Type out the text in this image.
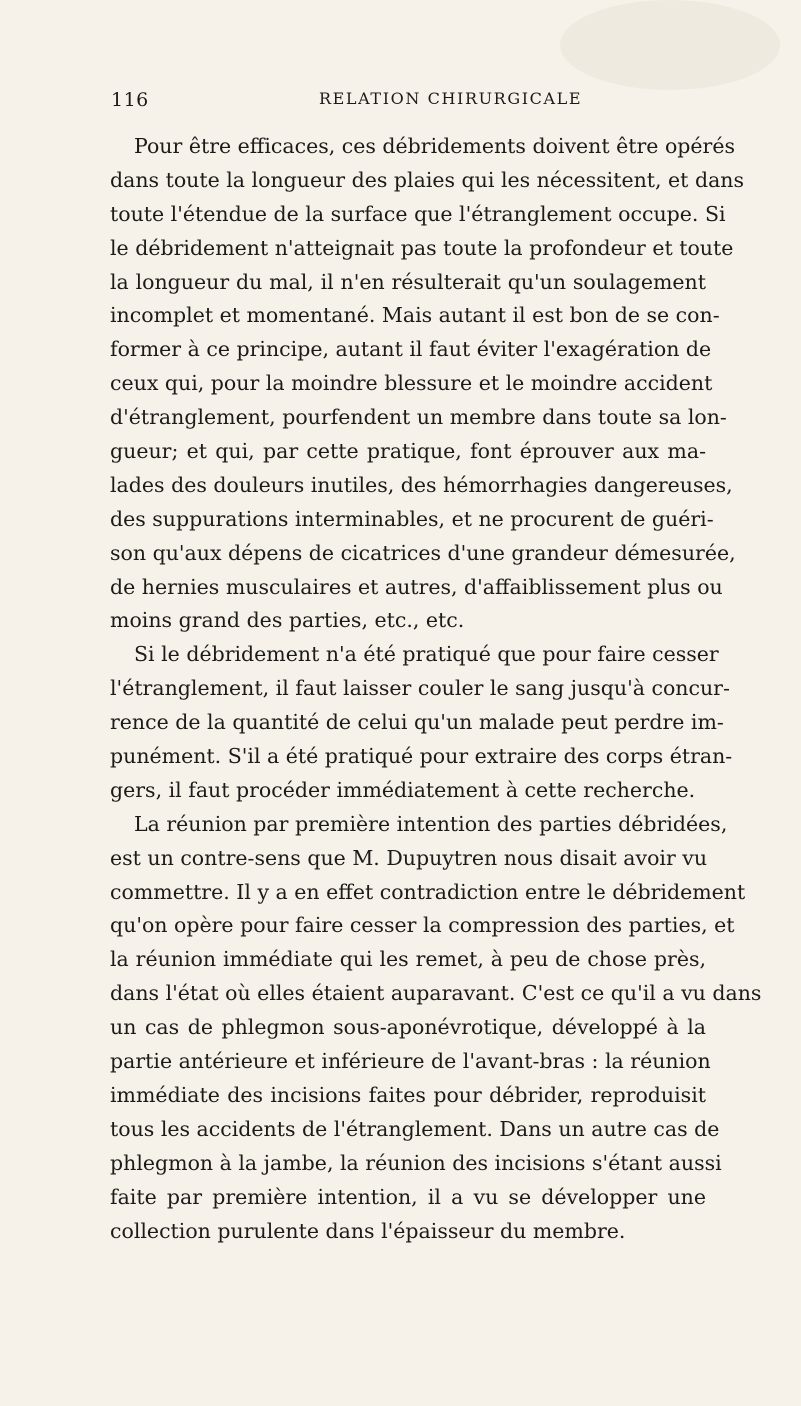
116	RELATION CHIRURGICALE
Pour être efficaces, ces débridements doivent être opérés
dans toute la longueur des plaies qui les nécessitent, et dans
toute l'étendue de la surface que l'étranglement occupe. Si
le débridement n'atteignait pas toute la profondeur et toute
la longueur du mal, il n'en résulterait qu'un soulagement
incomplet et momentané. Mais autant il est bon de se con-
former à ce principe, autant il faut éviter l'exagération de
ceux qui, pour la moindre blessure et le moindre accident
d'étranglement, pourfendent un membre dans toute sa lon-
gueur; et qui, par cette pratique, font éprouver aux ma-
lades des douleurs inutiles, des hémorrhagies dangereuses,
des suppurations interminables, et ne procurent de guéri-
son qu'aux dépens de cicatrices d'une grandeur démesurée,
de hernies musculaires et autres, d'affaiblissement plus ou
moins grand des parties, etc., etc.
Si le débridement n'a été pratiqué que pour faire cesser
l'étranglement, il faut laisser couler le sang jusqu'à concur-
rence de la quantité de celui qu'un malade peut perdre im-
punément. S'il a été pratiqué pour extraire des corps étran-
gers, il faut procéder immédiatement à cette recherche.
La réunion par première intention des parties débridées,
est un contre-sens que M. Dupuytren nous disait avoir vu
commettre. Il y a en effet contradiction entre le débridement
qu'on opère pour faire cesser la compression des parties, et
la réunion immédiate qui les remet, à peu de chose près,
dans l'état où elles étaient auparavant. C'est ce qu'il a vu dans
un cas de phlegmon sous-aponévrotique, développé à la
partie antérieure et inférieure de l'avant-bras : la réunion
immédiate des incisions faites pour débrider, reproduisit
tous les accidents de l'étranglement. Dans un autre cas de
phlegmon à la jambe, la réunion des incisions s'étant aussi
faite par première intention, il a vu se développer une
collection purulente dans l'épaisseur du membre.
